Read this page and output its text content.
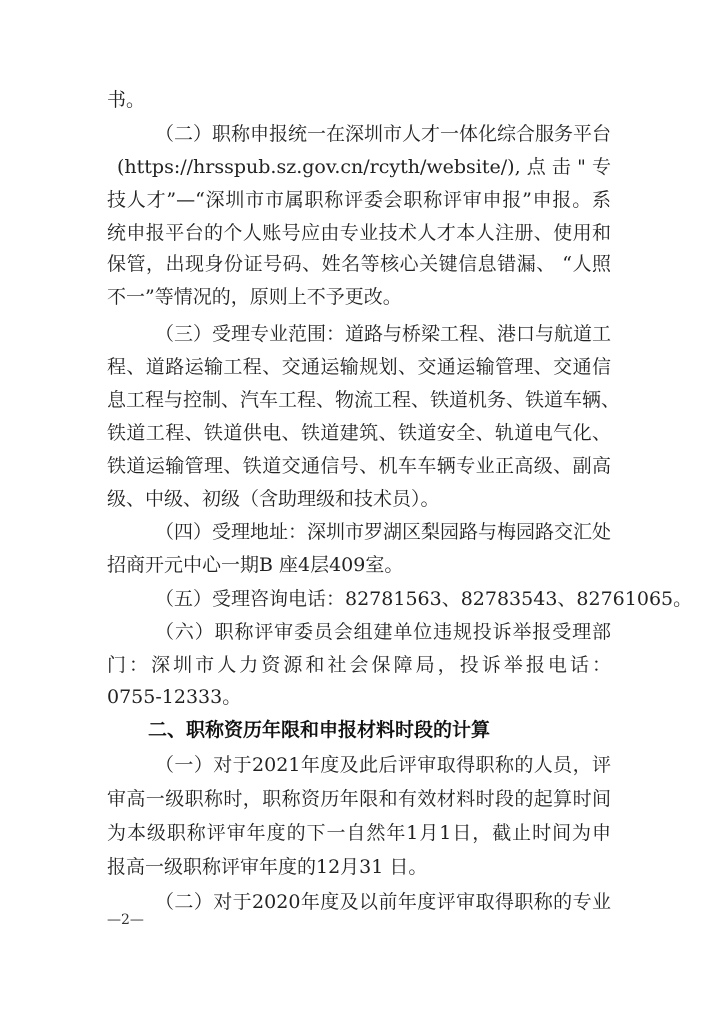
书。
（二）职称申报统一在深圳市人才一体化综合服务平台
(https://hrsspub.sz.gov.cn/rcyth/website/),点击"专
技人才”—“深圳市市属职称评委会职称评审申报”申报。系
统申报平台的个人账号应由专业技术人才本人注册、使用和
保管，出现身份证号码、姓名等核心关键信息错漏、 “人照
不一”等情况的，原则上不予更改。
（三）受理专业范围：道路与桥梁工程、港口与航道工
程、道路运输工程、交通运输规划、交通运输管理、交通信
息工程与控制、汽车工程、物流工程、铁道机务、铁道车辆、
铁道工程、铁道供电、铁道建筑、铁道安全、轨道电气化、
铁道运输管理、铁道交通信号、机车车辆专业正高级、副高
级、中级、初级（含助理级和技术员）。
（四）受理地址：深圳市罗湖区梨园路与梅园路交汇处
招商开元中心一期B 座4层409室。
（五）受理咨询电话：82781563、82783543、82761065。
（六）职称评审委员会组建单位违规投诉举报受理部
门：深圳市人力资源和社会保障局，投诉举报电话：
0755-12333。
二、职称资历年限和申报材料时段的计算
（一）对于2021年度及此后评审取得职称的人员，评
审高一级职称时，职称资历年限和有效材料时段的起算时间
为本级职称评审年度的下一自然年1月1日，截止时间为申
报高一级职称评审年度的12月31 日。
（二）对于2020年度及以前年度评审取得职称的专业
—2—
